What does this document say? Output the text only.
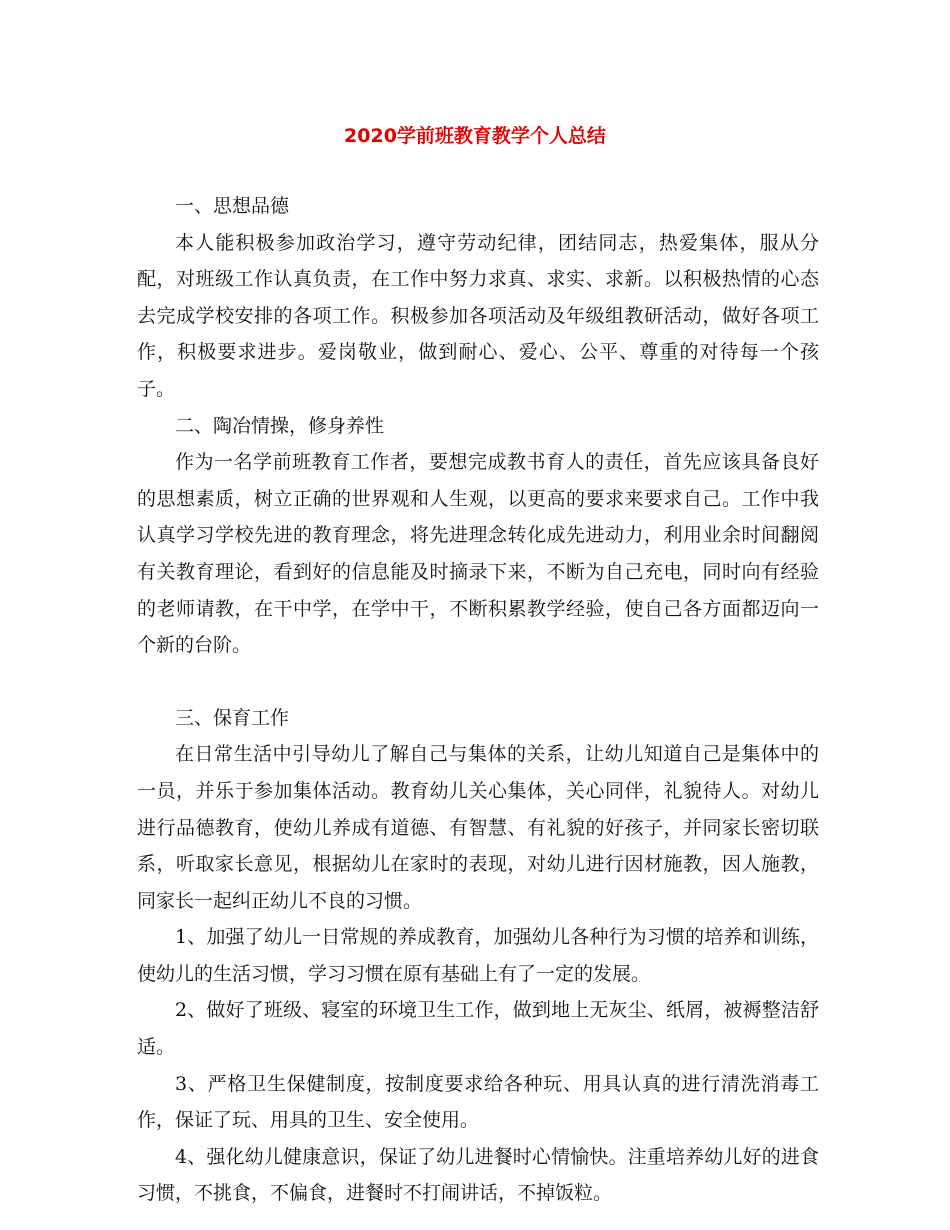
2020学前班教育教学个人总结

一、思想品德

本人能积极参加政治学习，遵守劳动纪律，团结同志，热爱集体，服从分配，对班级工作认真负责，在工作中努力求真、求实、求新。以积极热情的心态去完成学校安排的各项工作。积极参加各项活动及年级组教研活动，做好各项工作，积极要求进步。爱岗敬业，做到耐心、爱心、公平、尊重的对待每一个孩子。

二、陶冶情操，修身养性

作为一名学前班教育工作者，要想完成教书育人的责任，首先应该具备良好的思想素质，树立正确的世界观和人生观，以更高的要求来要求自己。工作中我认真学习学校先进的教育理念，将先进理念转化成先进动力，利用业余时间翻阅有关教育理论，看到好的信息能及时摘录下来，不断为自己充电，同时向有经验的老师请教，在干中学，在学中干，不断积累教学经验，使自己各方面都迈向一个新的台阶。

三、保育工作

在日常生活中引导幼儿了解自己与集体的关系，让幼儿知道自己是集体中的一员，并乐于参加集体活动。教育幼儿关心集体，关心同伴，礼貌待人。对幼儿进行品德教育，使幼儿养成有道德、有智慧、有礼貌的好孩子，并同家长密切联系，听取家长意见，根据幼儿在家时的表现，对幼儿进行因材施教，因人施教，同家长一起纠正幼儿不良的习惯。

1、加强了幼儿一日常规的养成教育，加强幼儿各种行为习惯的培养和训练，使幼儿的生活习惯，学习习惯在原有基础上有了一定的发展。

2、做好了班级、寝室的环境卫生工作，做到地上无灰尘、纸屑，被褥整洁舒适。

3、严格卫生保健制度，按制度要求给各种玩、用具认真的进行清洗消毒工作，保证了玩、用具的卫生、安全使用。

4、强化幼儿健康意识，保证了幼儿进餐时心情愉快。注重培养幼儿好的进食习惯，不挑食，不偏食，进餐时不打闹讲话，不掉饭粒。
